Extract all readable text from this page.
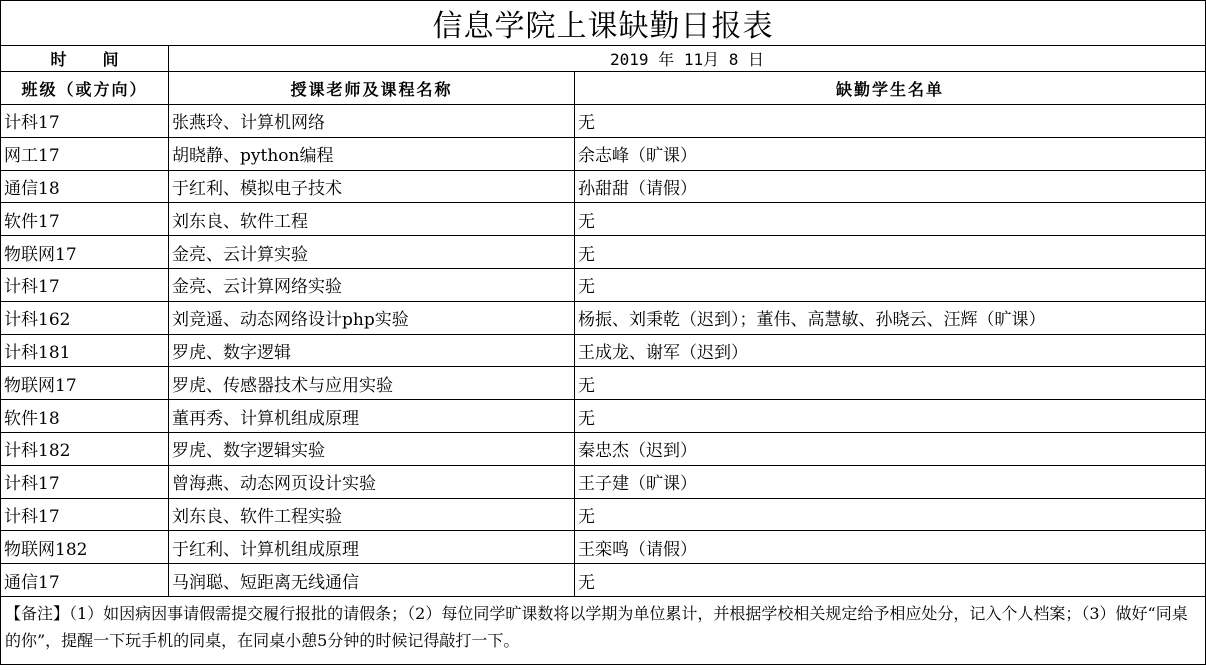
信息学院上课缺勤日报表		
时 间	2019 年 11月 8 日	
班级（或方向）	授课老师及课程名称	缺勤学生名单
计科17	张燕玲、计算机网络	无
网工17	胡晓静、python编程	余志峰（旷课）
通信18	于红利、模拟电子技术	孙甜甜（请假）
软件17	刘东良、软件工程	无
物联网17	金亮、云计算实验	无
计科17	金亮、云计算网络实验	无
计科162	刘竞遥、动态网络设计php实验	杨振、刘秉乾（迟到）；董伟、高慧敏、孙晓云、汪辉（旷课）
计科181	罗虎、数字逻辑	王成龙、谢军（迟到）
物联网17	罗虎、传感器技术与应用实验	无
软件18	董再秀、计算机组成原理	无
计科182	罗虎、数字逻辑实验	秦忠杰（迟到）
计科17	曾海燕、动态网页设计实验	王子建（旷课）
计科17	刘东良、软件工程实验	无
物联网182	于红利、计算机组成原理	王栾鸣（请假）
通信17	马润聪、短距离无线通信	无
【备注】（1）如因病因事请假需提交履行报批的请假条；（2）每位同学旷课数将以学期为单位累计，并根据学校相关规定给予相应处分，记入个人档案；（3）做好“同桌的你”，提醒一下玩手机的同桌，在同桌小憩5分钟的时候记得敲打一下。		
